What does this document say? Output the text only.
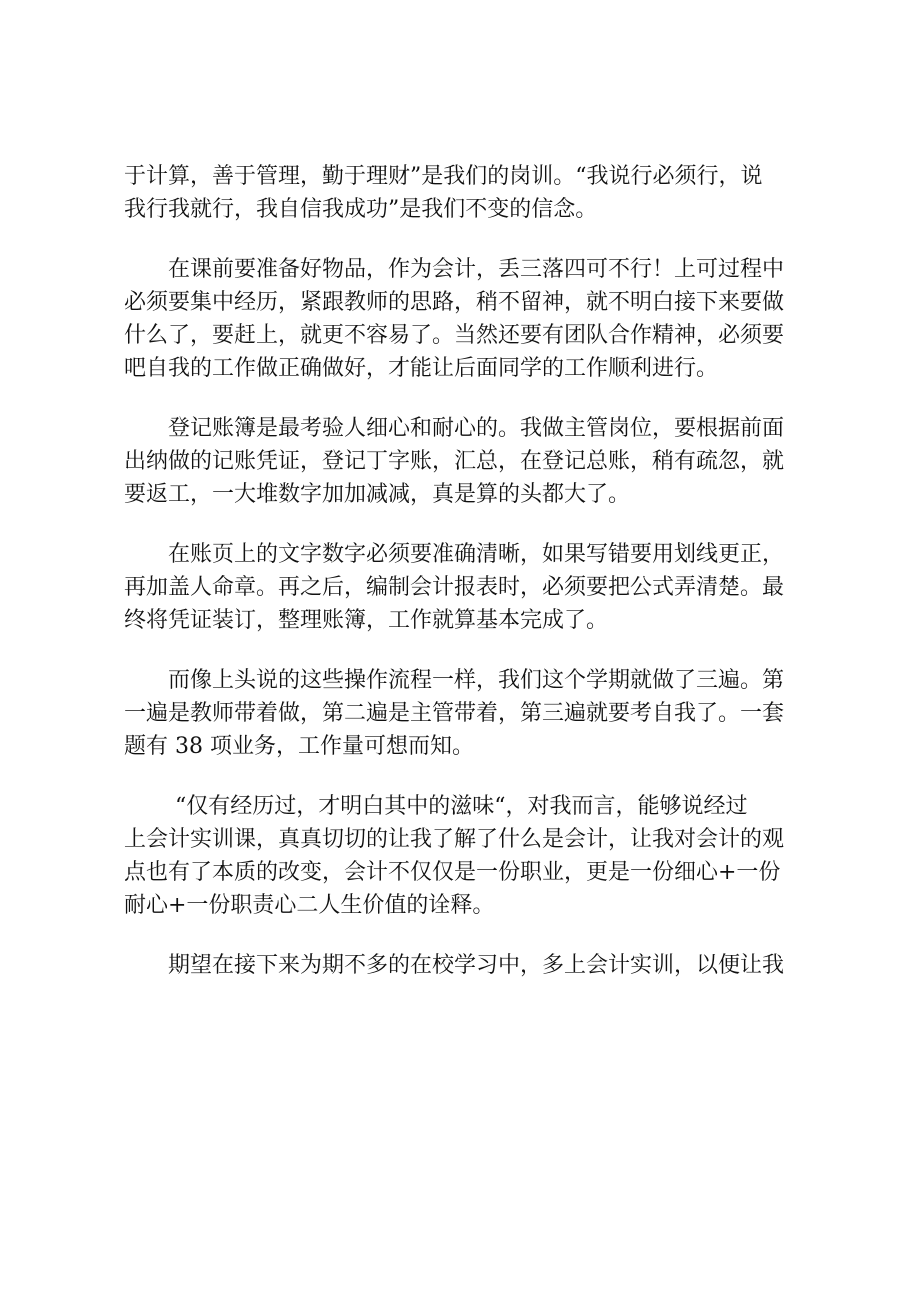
于计算，善于管理，勤于理财”是我们的岗训。“我说行必须行，说
我行我就行，我自信我成功”是我们不变的信念。
　　在课前要准备好物品，作为会计，丢三落四可不行！上可过程中
必须要集中经历，紧跟教师的思路，稍不留神，就不明白接下来要做
什么了，要赶上，就更不容易了。当然还要有团队合作精神，必须要
吧自我的工作做正确做好，才能让后面同学的工作顺利进行。
　　登记账簿是最考验人细心和耐心的。我做主管岗位，要根据前面
出纳做的记账凭证，登记丁字账，汇总，在登记总账，稍有疏忽，就
要返工，一大堆数字加加减减，真是算的头都大了。
　　在账页上的文字数字必须要准确清晰，如果写错要用划线更正，
再加盖人命章。再之后，编制会计报表时，必须要把公式弄清楚。最
终将凭证装订，整理账簿，工作就算基本完成了。
　　而像上头说的这些操作流程一样，我们这个学期就做了三遍。第
一遍是教师带着做，第二遍是主管带着，第三遍就要考自我了。一套
题有 38 项业务，工作量可想而知。
　　 “仅有经历过，才明白其中的滋味“，对我而言，能够说经过
上会计实训课，真真切切的让我了解了什么是会计，让我对会计的观
点也有了本质的改变，会计不仅仅是一份职业，更是一份细心+一份
耐心+一份职责心二人生价值的诠释。
　　期望在接下来为期不多的在校学习中，多上会计实训，以便让我
